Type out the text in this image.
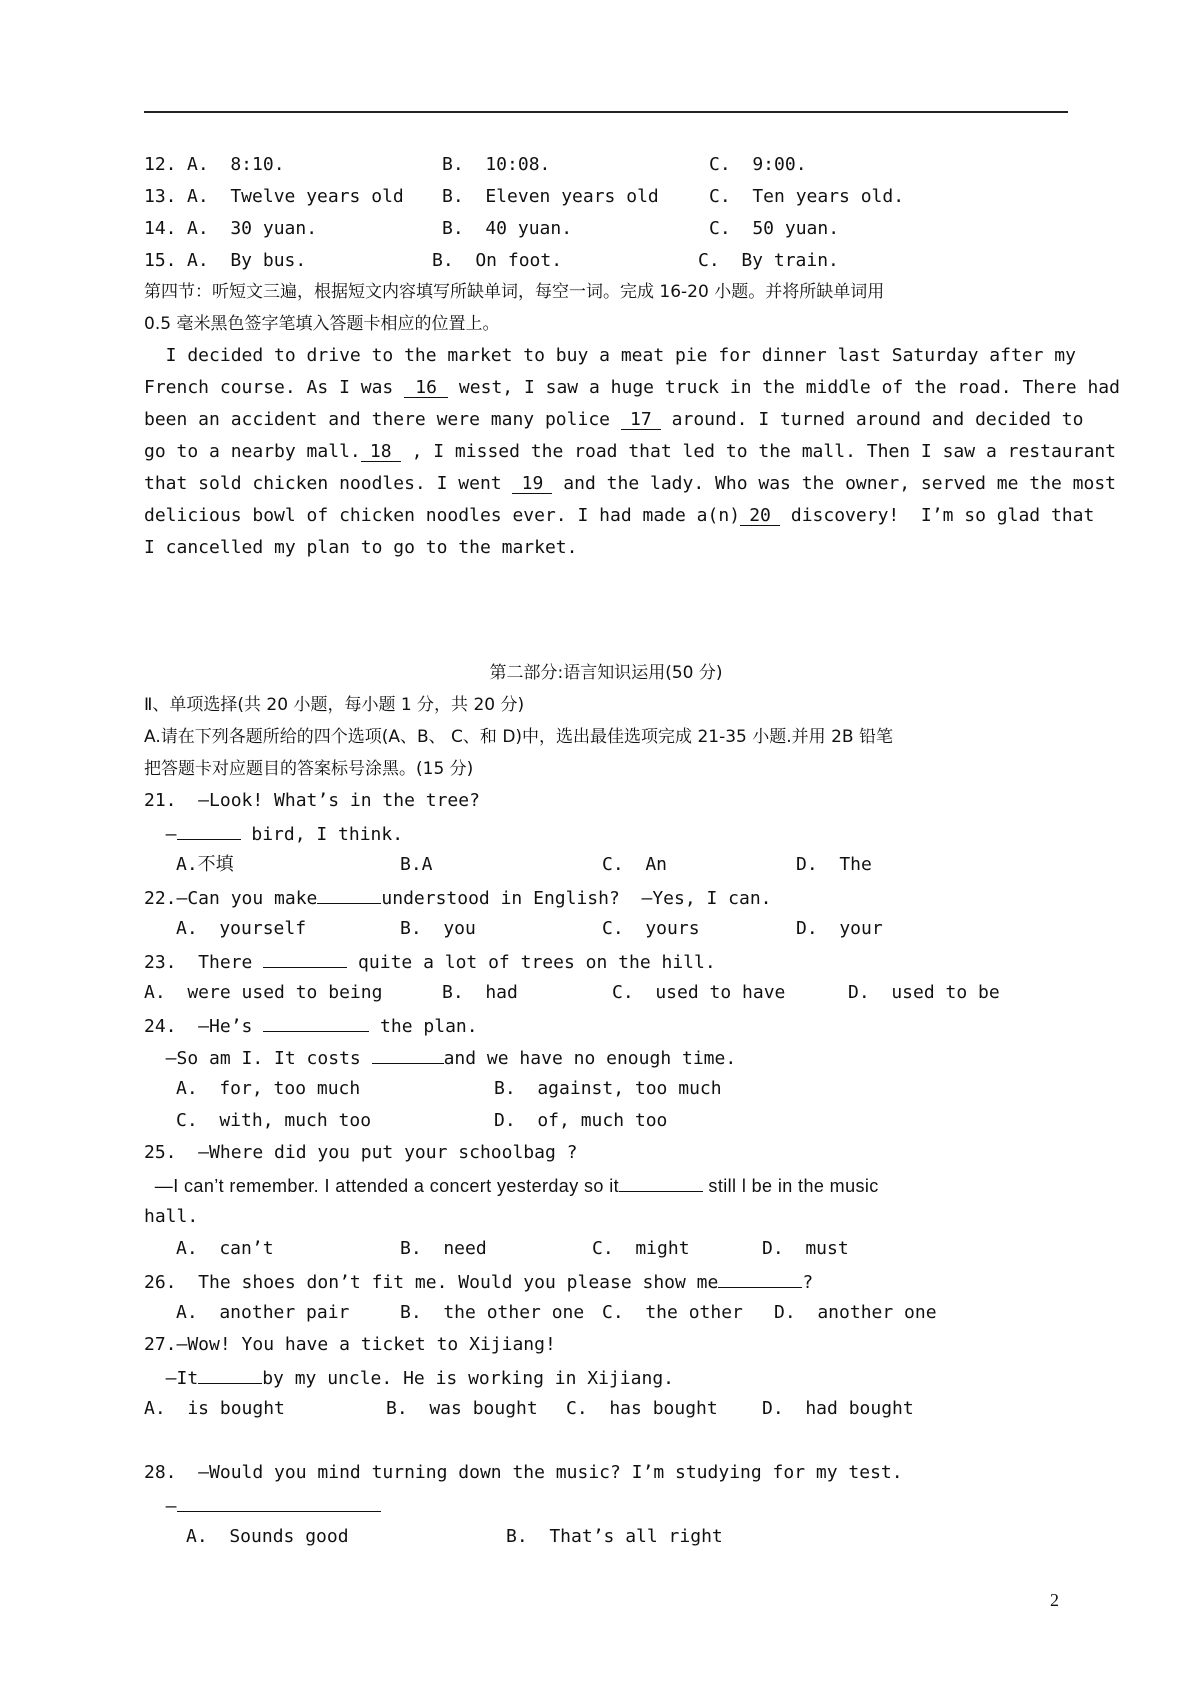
12. A.  8:10.	B.  10:08.	C.  9:00.
13. A.  Twelve years old B.  Eleven years old	C.  Ten years old.
14. A.  30 yuan.	B.  40 yuan.	C.  50 yuan.
15. A.  By bus.	B.  On foot.	C.  By train.
第四节：听短文三遍，根据短文内容填写所缺单词，每空一词。完成 16-20 小题。并将所缺单词用
0.5 毫米黑色签字笔填入答题卡相应的位置上。
I decided to drive to the market to buy a meat pie for dinner last Saturday after my
French course. As I was 16 west, I saw a huge truck in the middle of the road. There had
been an accident and there were many police 17 around. I turned around and decided to
go to a nearby mall. 18 , I missed the road that led to the mall. Then I saw a restaurant
that sold chicken noodles. I went 19 and the lady. Who was the owner, served me the most
delicious bowl of chicken noodles ever. I had made a(n) 20 discovery!  I’m so glad that
I cancelled my plan to go to the market.
第二部分:语言知识运用(50 分)
Ⅱ、单项选择(共 20 小题，每小题 1 分，共 20 分)
A.请在下列各题所给的四个选项(A、B、 C、和 D)中，选出最佳选项完成 21-35 小题.并用 2B 铅笔
把答题卡对应题目的答案标号涂黑。(15 分)
21.  —Look! What’s in the tree?
—	bird, I think.
A.不填	B.A	C.  An	D.  The
22.—Can you make	understood in English?  —Yes, I can.
A.  yourself	B.  you	C.  yours	D.  your
23.  There	quite a lot of trees on the hill.
A.  were used to being	B.  had	C.  used to have	D.  used to be
24.  —He’s	the plan.
—So am I. It costs	and we have no enough time.
A.  for, too much	B.  against, too much
C.  with, much too	D.  of, much too
25.  —Where did you put your schoolbag ?
—I can’t remember. I attended a concert yesterday so it	still l be in the music
hall.
A.  can’t	B.  need	C.  might	D.  must
26.  The shoes don’t fit me. Would you please show me	?
A.  another pair	B.  the other one C.  the other D.  another one
27.—Wow! You have a ticket to Xijiang!
—It	by my uncle. He is working in Xijiang.
A.  is bought	B.  was bought C.  has bought D.  had bought
28.  —Would you mind turning down the music? I’m studying for my test.
—
A.  Sounds good	B.  That’s all right
2
